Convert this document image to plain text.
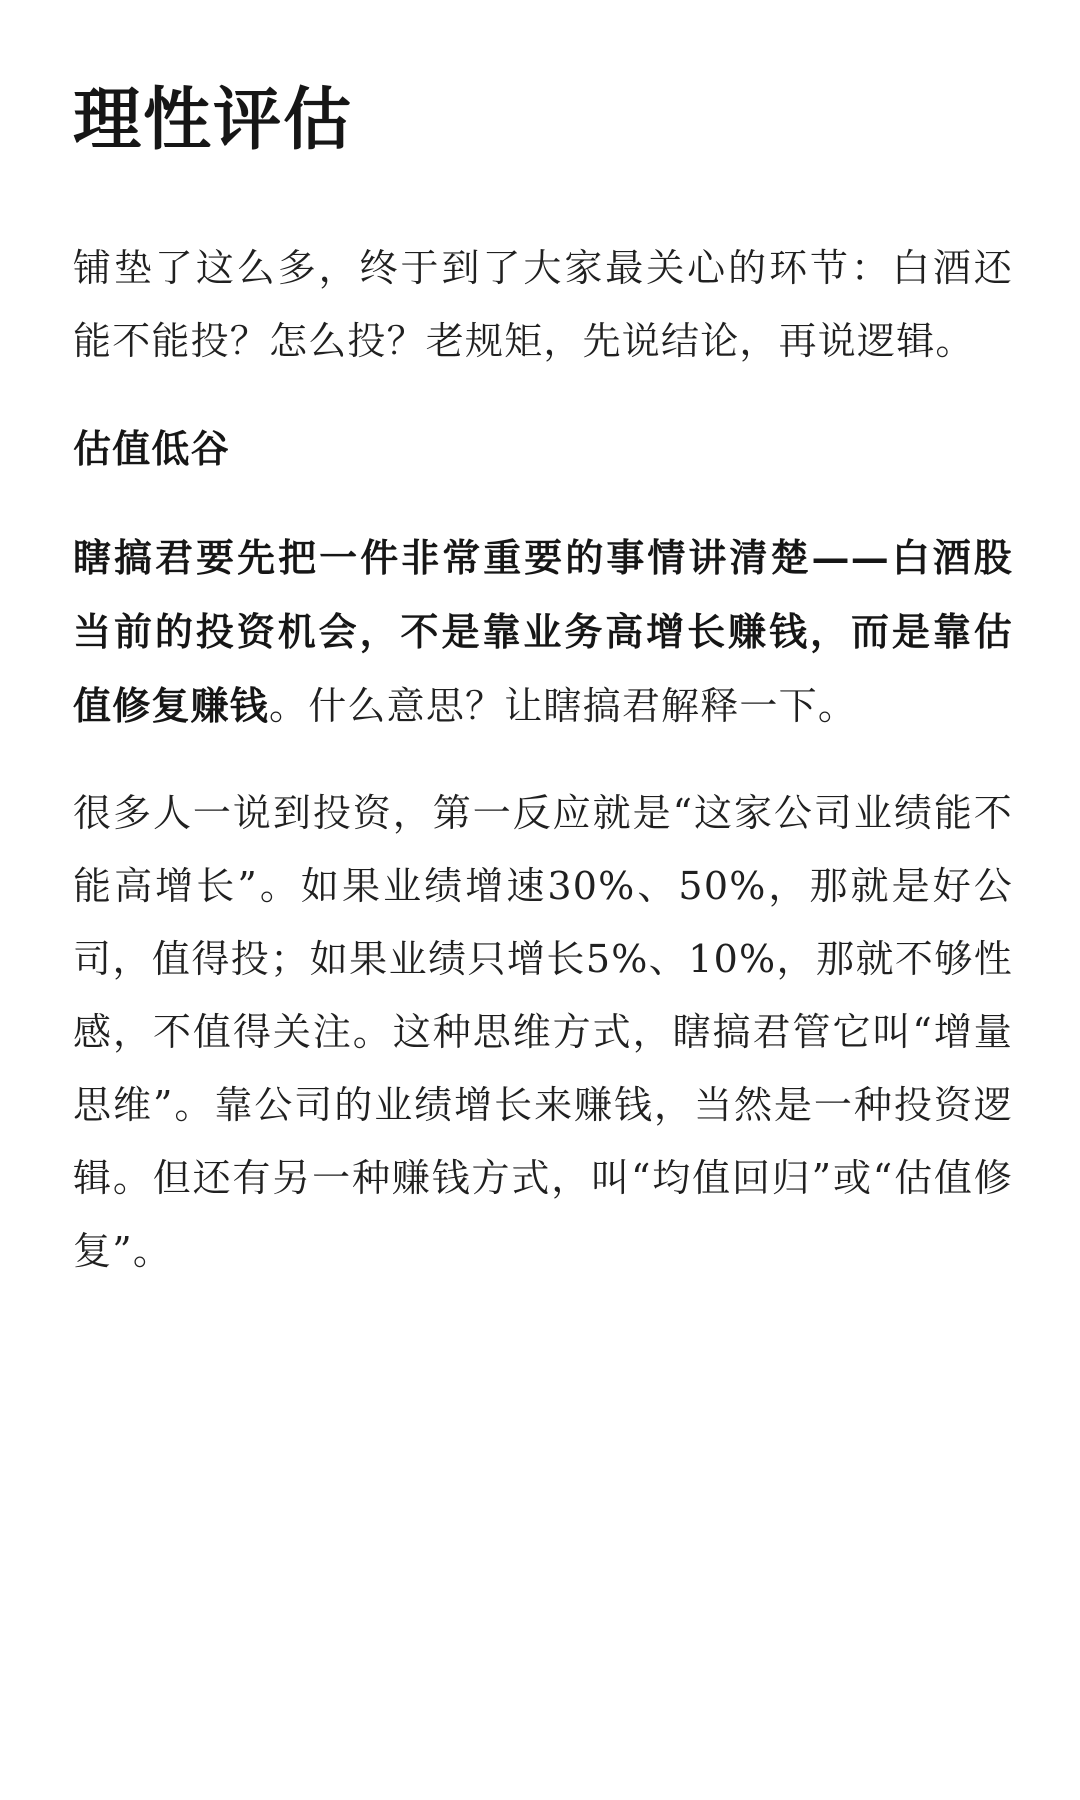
理性评估

铺垫了这么多，终于到了大家最关心的环节：白酒还能不能投？怎么投？老规矩，先说结论，再说逻辑。

估值低谷

瞎搞君要先把一件非常重要的事情讲清楚——白酒股当前的投资机会，不是靠业务高增长赚钱，而是靠估值修复赚钱。什么意思？让瞎搞君解释一下。

很多人一说到投资，第一反应就是“这家公司业绩能不能高增长”。如果业绩增速30%、50%，那就是好公司，值得投；如果业绩只增长5%、10%，那就不够性感，不值得关注。这种思维方式，瞎搞君管它叫“增量思维”。靠公司的业绩增长来赚钱，当然是一种投资逻辑。但还有另一种赚钱方式，叫“均值回归”或“估值修复”。
